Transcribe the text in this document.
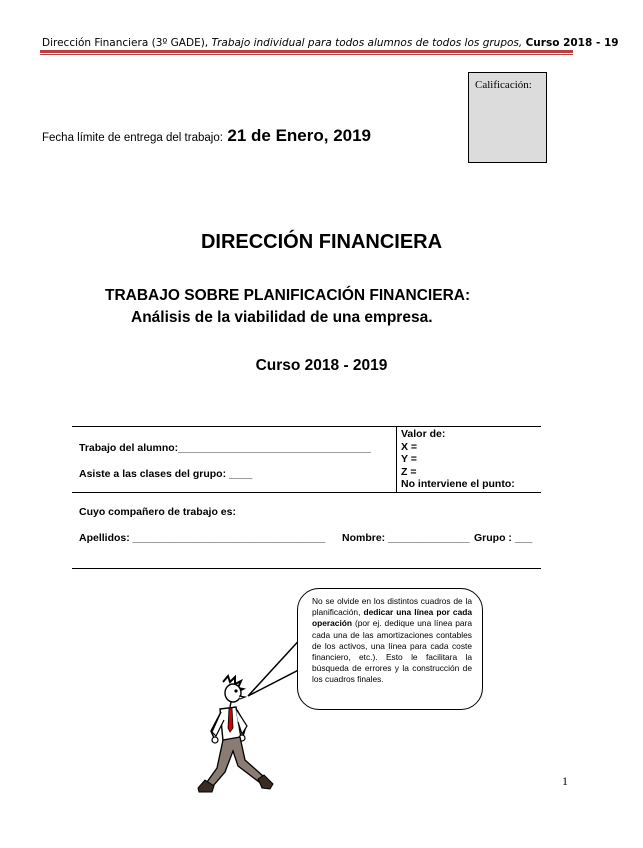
Dirección Financiera (3º GADE), Trabajo individual para todos alumnos de todos los grupos, Curso 2018 - 19
Calificación:
Fecha límite de entrega del trabajo: 21 de Enero, 2019
DIRECCIÓN FINANCIERA
TRABAJO SOBRE PLANIFICACIÓN FINANCIERA:
Análisis de la viabilidad de una empresa.
Curso 2018 - 2019
Trabajo del alumno:_________________________________
Asiste a las clases del grupo: ____
Valor de:
X =
Y =
Z =
No interviene el punto:
Cuyo compañero de trabajo es:
Apellidos: _________________________________ Nombre: ______________ Grupo : ___
No se olvide en los distintos cuadros de la planificación, dedicar una línea por cada operación (por ej. dedique una línea para cada una de las amortizaciones contables de los activos, una línea para cada coste financiero, etc.). Esto le facilitara la búsqueda de errores y la construcción de los cuadros finales.
1
